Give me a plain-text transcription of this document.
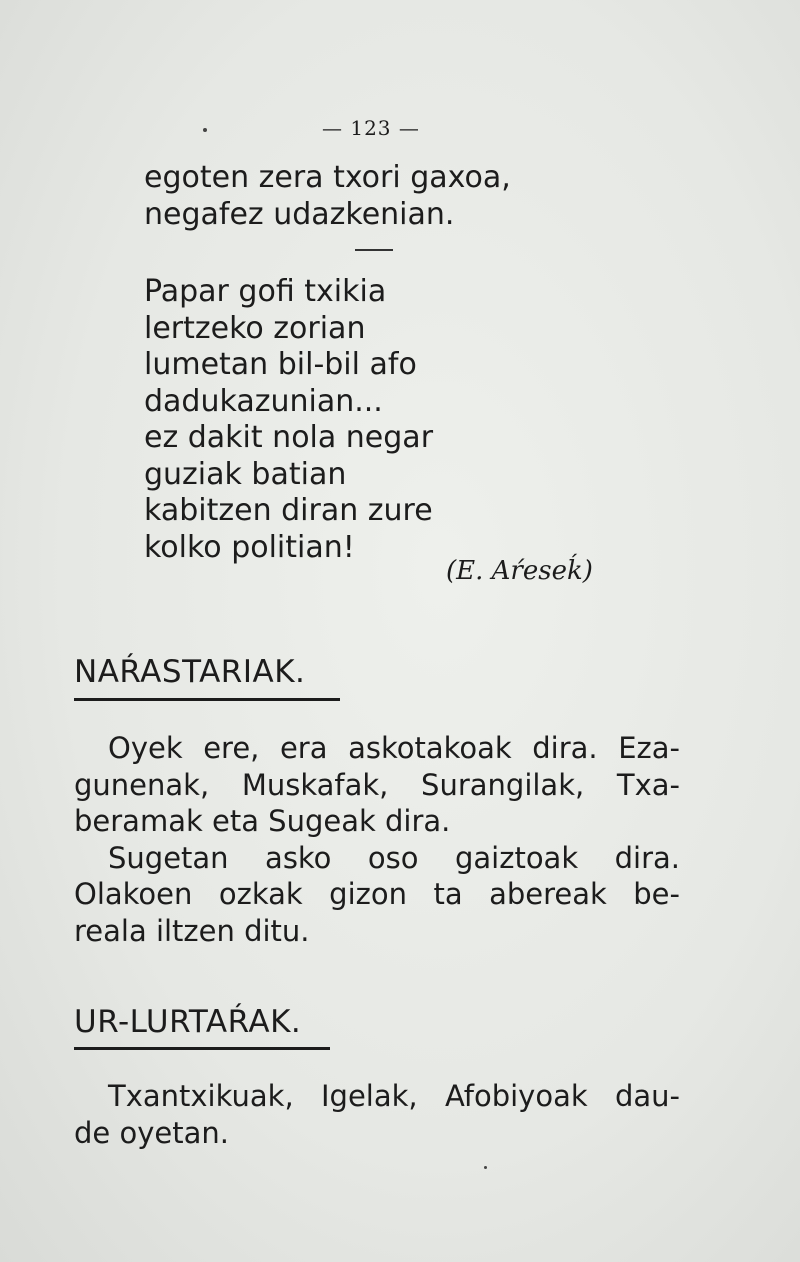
— 123 —
egoten zera txori gaxoa,
negafez udazkenian.
Papar gofi txikia
lertzeko zorian
lumetan bil-bil afo
dadukazunian...
ez dakit nola negar
guziak batian
kabitzen diran zure
kolko politian!
(E. Aŕeseḱ)
NAŔASTARIAK.
Oyek ere, era askotakoak dira. Eza-
gunenak, Muskafak, Surangilak, Txa-
beramak eta Sugeak dira.
Sugetan asko oso gaiztoak dira.
Olakoen ozkak gizon ta abereak be-
reala iltzen ditu.
UR-LURTAŔAK.
Txantxikuak, Igelak, Afobiyoak dau-
de oyetan.
